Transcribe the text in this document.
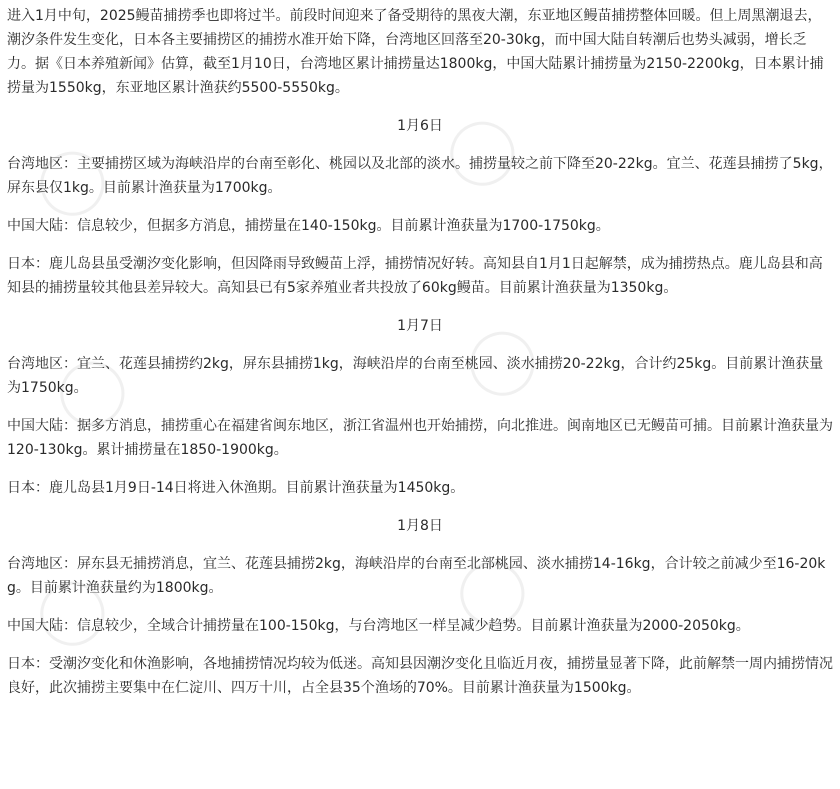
进入1月中旬，2025鳗苗捕捞季也即将过半。前段时间迎来了备受期待的黑夜大潮，东亚地区鳗苗捕捞整体回暖。但上周黑潮退去，潮汐条件发生变化，日本各主要捕捞区的捕捞水准开始下降，台湾地区回落至20-30kg，而中国大陆自转潮后也势头减弱，增长乏力。据《日本养殖新闻》估算，截至1月10日，台湾地区累计捕捞量达1800kg，中国大陆累计捕捞量为2150-2200kg，日本累计捕捞量为1550kg，东亚地区累计渔获约5500-5550kg。

1月6日

台湾地区：主要捕捞区域为海峡沿岸的台南至彰化、桃园以及北部的淡水。捕捞量较之前下降至20-22kg。宜兰、花莲县捕捞了5kg，屏东县仅1kg。目前累计渔获量为1700kg。

中国大陆：信息较少，但据多方消息，捕捞量在140-150kg。目前累计渔获量为1700-1750kg。

日本：鹿儿岛县虽受潮汐变化影响，但因降雨导致鳗苗上浮，捕捞情况好转。高知县自1月1日起解禁，成为捕捞热点。鹿儿岛县和高知县的捕捞量较其他县差异较大。高知县已有5家养殖业者共投放了60kg鳗苗。目前累计渔获量为1350kg。

1月7日

台湾地区：宜兰、花莲县捕捞约2kg，屏东县捕捞1kg，海峡沿岸的台南至桃园、淡水捕捞20-22kg，合计约25kg。目前累计渔获量为1750kg。

中国大陆：据多方消息，捕捞重心在福建省闽东地区，浙江省温州也开始捕捞，向北推进。闽南地区已无鳗苗可捕。目前累计渔获量为120-130kg。累计捕捞量在1850-1900kg。

日本：鹿儿岛县1月9日-14日将进入休渔期。目前累计渔获量为1450kg。

1月8日

台湾地区：屏东县无捕捞消息，宜兰、花莲县捕捞2kg，海峡沿岸的台南至北部桃园、淡水捕捞14-16kg，合计较之前减少至16-20kg。目前累计渔获量约为1800kg。

中国大陆：信息较少，全域合计捕捞量在100-150kg，与台湾地区一样呈减少趋势。目前累计渔获量为2000-2050kg。

日本：受潮汐变化和休渔影响，各地捕捞情况均较为低迷。高知县因潮汐变化且临近月夜，捕捞量显著下降，此前解禁一周内捕捞情况良好，此次捕捞主要集中在仁淀川、四万十川，占全县35个渔场的70%。目前累计渔获量为1500kg。
